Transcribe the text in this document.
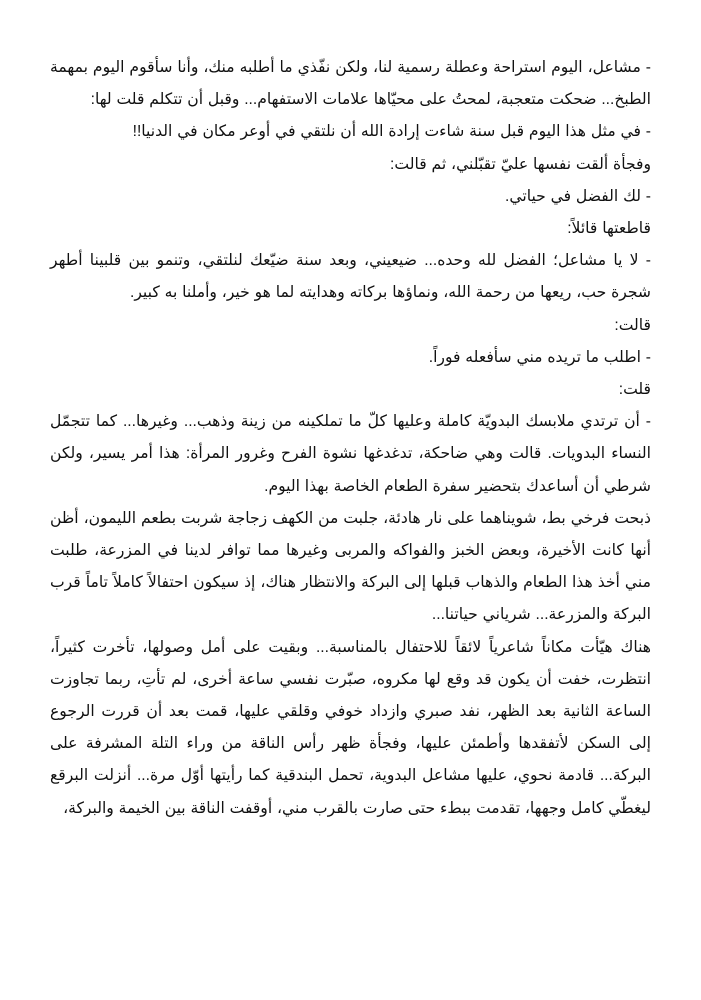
- مشاعل، اليوم استراحة وعطلة رسمية لنا، ولكن نفّذي ما أطلبه منك، وأنا سأقوم اليوم بمهمة الطبخ... ضحكت متعجبة، لمحتُ على محيّاها علامات الاستفهام... وقبل أن تتكلم قلت لها:

- في مثل هذا اليوم قبل سنة شاءت إرادة الله أن نلتقي في أوعر مكان في الدنيا!!

وفجأة ألقت نفسها عليّ تقبّلني، ثم قالت:

- لك الفضل في حياتي.

قاطعتها قائلاً:

- لا يا مشاعل؛ الفضل لله وحده... ضيعيني، وبعد سنة ضيّعك لنلتقي، وتنمو بين قلبينا أطهر شجرة حب، ريعها من رحمة الله، ونماؤها بركاته وهدايته لما هو خير، وأملنا به كبير.

قالت:

- اطلب ما تريده مني سأفعله فوراً.

قلت:

- أن ترتدي ملابسك البدويّة كاملة وعليها كلّ ما تملكينه من زينة وذهب... وغيرها... كما تتجمّل النساء البدويات. قالت وهي ضاحكة، تدغدغها نشوة الفرح وغرور المرأة: هذا أمر يسير، ولكن شرطي أن أساعدك بتحضير سفرة الطعام الخاصة بهذا اليوم.

ذبحت فرخي بط، شويناهما على نار هادئة، جلبت من الكهف زجاجة شربت بطعم الليمون، أظن أنها كانت الأخيرة، وبعض الخبز والفواكه والمربى وغيرها مما توافر لدينا في المزرعة، طلبت مني أخذ هذا الطعام والذهاب قبلها إلى البركة والانتظار هناك، إذ سيكون احتفالاً كاملاً تاماً قرب البركة والمزرعة... شرياني حياتنا...

هناك هيّأت مكاناً شاعرياً لائقاً للاحتفال بالمناسبة... وبقيت على أمل وصولها، تأخرت كثيراً، انتظرت، خفت أن يكون قد وقع لها مكروه، صبّرت نفسي ساعة أخرى، لم تأتِ، ربما تجاوزت الساعة الثانية بعد الظهر، نفد صبري وازداد خوفي وقلقي عليها، قمت بعد أن قررت الرجوع إلى السكن لأتفقدها وأطمئن عليها، وفجأة ظهر رأس الناقة من وراء التلة المشرفة على البركة... قادمة نحوي، عليها مشاعل البدوية، تحمل البندقية كما رأيتها أوّل مرة... أنزلت البرقع ليغطّي كامل وجهها، تقدمت ببطء حتى صارت بالقرب مني، أوقفت الناقة بين الخيمة والبركة،
